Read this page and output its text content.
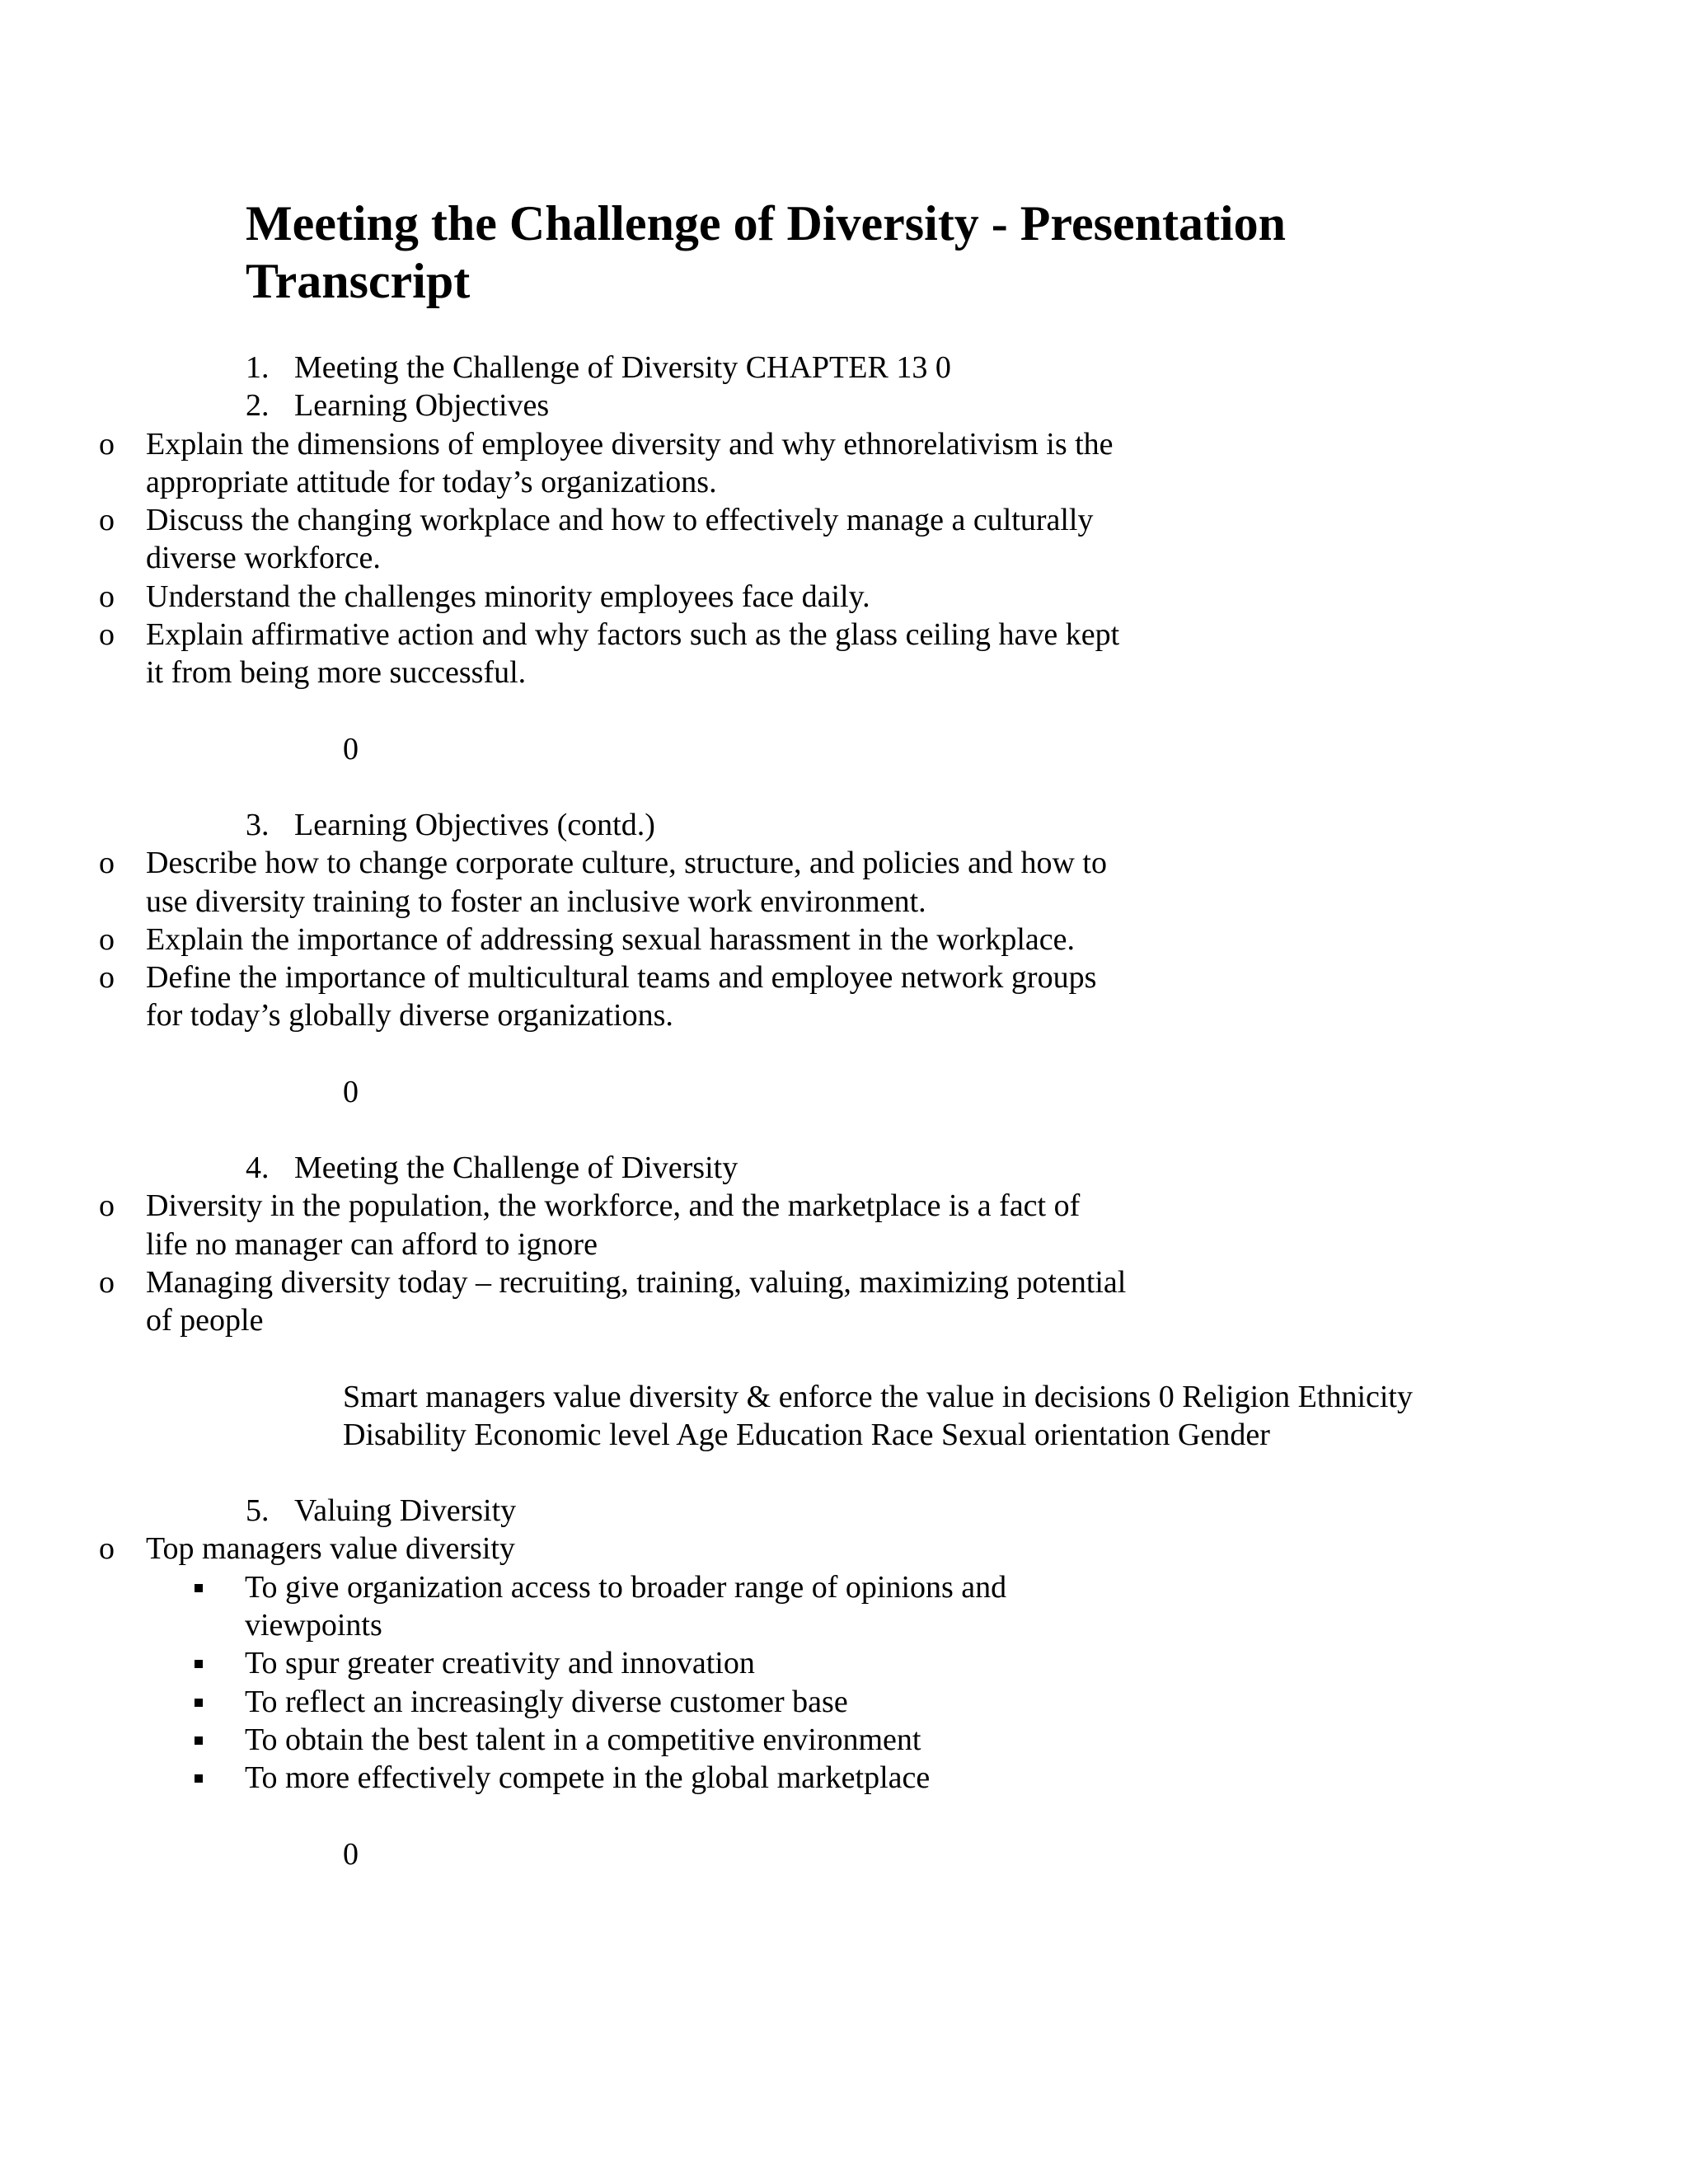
Meeting the Challenge of Diversity - Presentation Transcript
1. Meeting the Challenge of Diversity CHAPTER 13 0
2. Learning Objectives
o Explain the dimensions of employee diversity and why ethnorelativism is the appropriate attitude for today’s organizations.
o Discuss the changing workplace and how to effectively manage a culturally diverse workforce.
o Understand the challenges minority employees face daily.
o Explain affirmative action and why factors such as the glass ceiling have kept it from being more successful.
0
3. Learning Objectives (contd.)
o Describe how to change corporate culture, structure, and policies and how to use diversity training to foster an inclusive work environment.
o Explain the importance of addressing sexual harassment in the workplace.
o Define the importance of multicultural teams and employee network groups for today’s globally diverse organizations.
0
4. Meeting the Challenge of Diversity
o Diversity in the population, the workforce, and the marketplace is a fact of life no manager can afford to ignore
o Managing diversity today – recruiting, training, valuing, maximizing potential of people
Smart managers value diversity & enforce the value in decisions 0 Religion Ethnicity Disability Economic level Age Education Race Sexual orientation Gender
5. Valuing Diversity
o Top managers value diversity
To give organization access to broader range of opinions and viewpoints
To spur greater creativity and innovation
To reflect an increasingly diverse customer base
To obtain the best talent in a competitive environment
To more effectively compete in the global marketplace
0
